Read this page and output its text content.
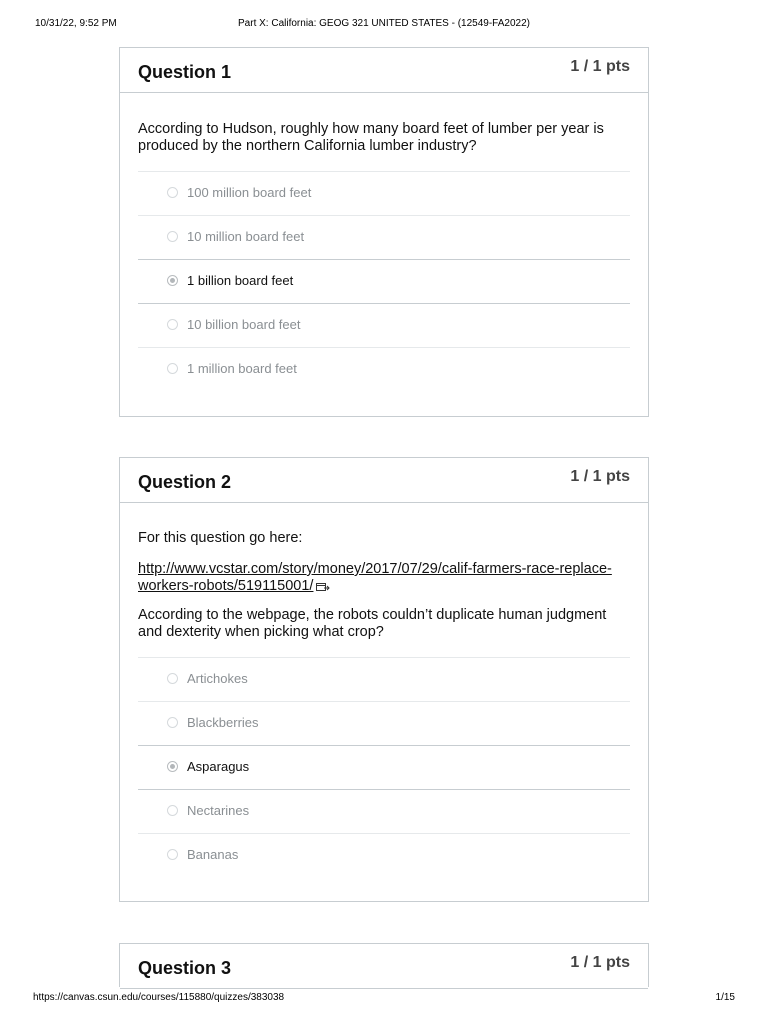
10/31/22, 9:52 PM	Part X: California: GEOG 321 UNITED STATES - (12549-FA2022)
Question 1	1 / 1 pts

According to Hudson, roughly how many board feet of lumber per year is produced by the northern California lumber industry?

100 million board feet
10 million board feet
1 billion board feet
10 billion board feet
1 million board feet
Question 2	1 / 1 pts

For this question go here:

http://www.vcstar.com/story/money/2017/07/29/calif-farmers-race-replace-workers-robots/519115001/

According to the webpage, the robots couldn’t duplicate human judgment and dexterity when picking what crop?

Artichokes
Blackberries
Asparagus
Nectarines
Bananas
Question 3	1 / 1 pts
https://canvas.csun.edu/courses/115880/quizzes/383038	1/15
